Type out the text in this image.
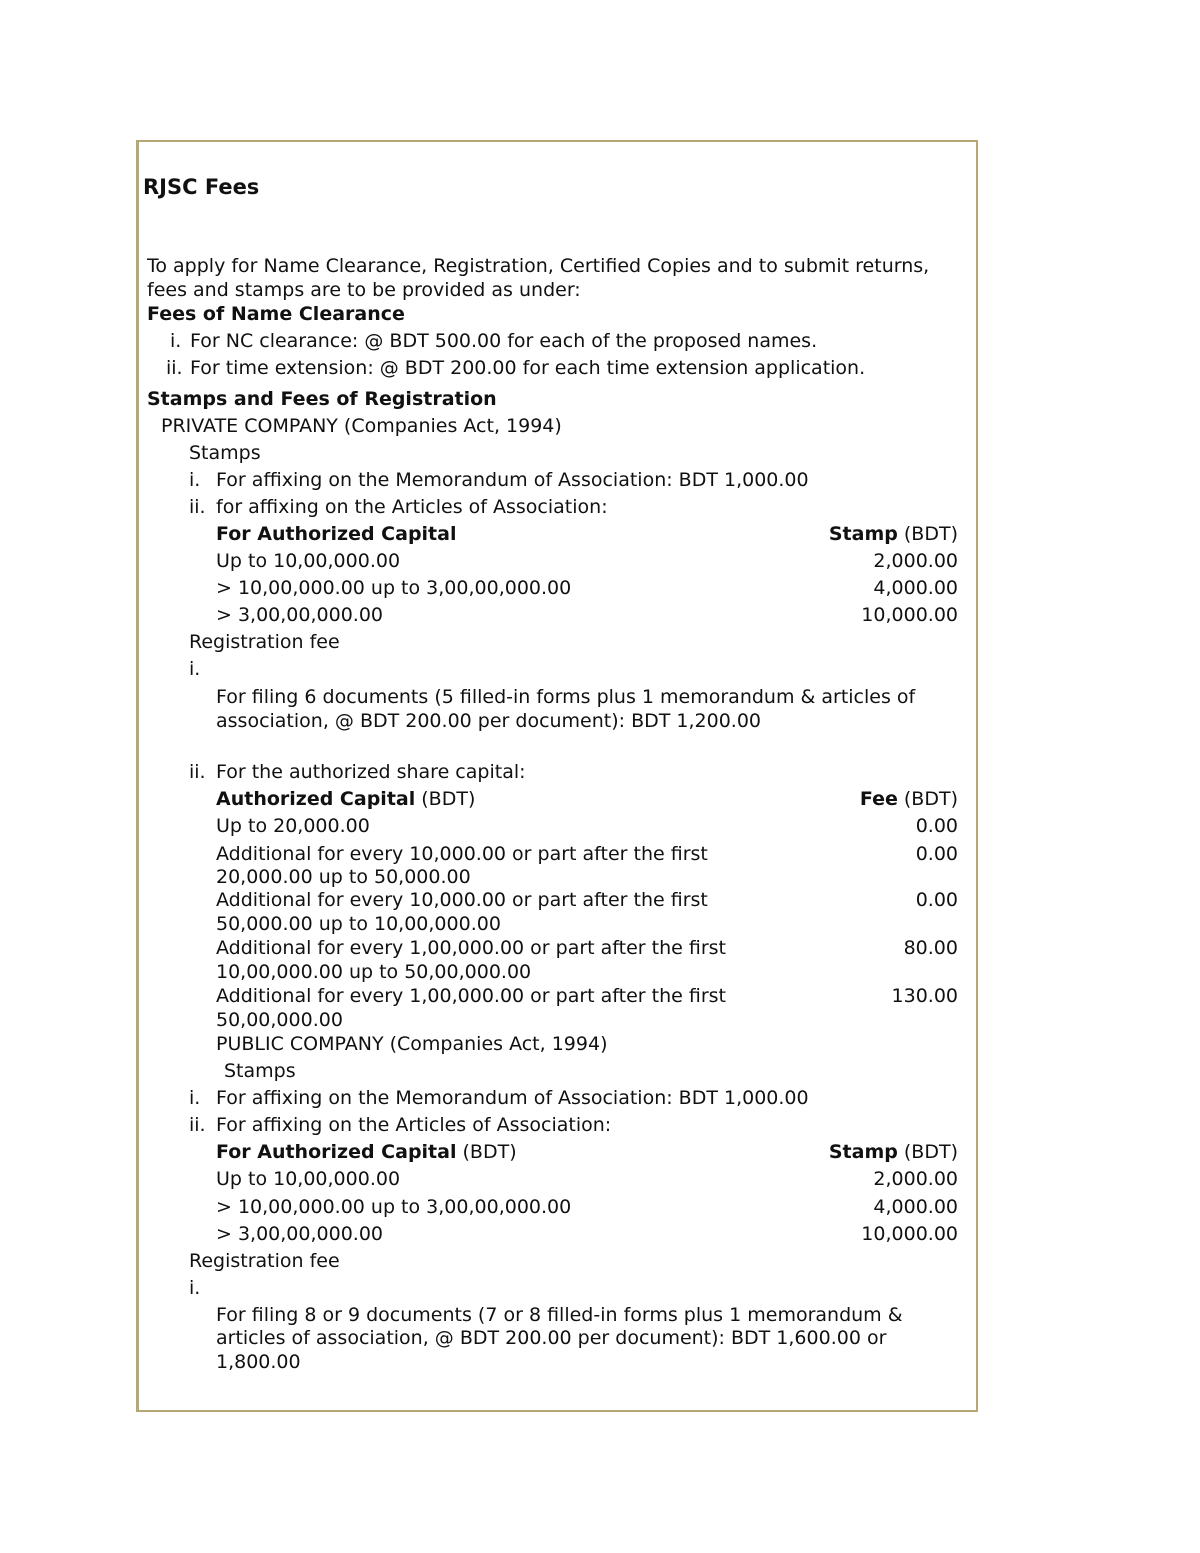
RJSC Fees
To apply for Name Clearance, Registration, Certified Copies and to submit returns,
fees and stamps are to be provided as under:
Fees of Name Clearance
i. For NC clearance: @ BDT 500.00 for each of the proposed names.
ii. For time extension: @ BDT 200.00 for each time extension application.
Stamps and Fees of Registration
PRIVATE COMPANY (Companies Act, 1994)
Stamps
i. For affixing on the Memorandum of Association: BDT 1,000.00
ii. for affixing on the Articles of Association:
For Authorized Capital	Stamp (BDT)
Up to 10,00,000.00	2,000.00
> 10,00,000.00 up to 3,00,00,000.00	4,000.00
> 3,00,00,000.00	10,000.00
Registration fee
i.
For filing 6 documents (5 filled-in forms plus 1 memorandum & articles of
association, @ BDT 200.00 per document): BDT 1,200.00
ii. For the authorized share capital:
Authorized Capital (BDT)	Fee (BDT)
Up to 20,000.00	0.00
Additional for every 10,000.00 or part after the first
20,000.00 up to 50,000.00
0.00
Additional for every 10,000.00 or part after the first
50,000.00 up to 10,00,000.00
0.00
Additional for every 1,00,000.00 or part after the first
10,00,000.00 up to 50,00,000.00
80.00
Additional for every 1,00,000.00 or part after the first
50,00,000.00
130.00
PUBLIC COMPANY (Companies Act, 1994)
Stamps
i. For affixing on the Memorandum of Association: BDT 1,000.00
ii. For affixing on the Articles of Association:
For Authorized Capital (BDT)	Stamp (BDT)
Up to 10,00,000.00	2,000.00
> 10,00,000.00 up to 3,00,00,000.00	4,000.00
> 3,00,00,000.00	10,000.00
Registration fee
i.
For filing 8 or 9 documents (7 or 8 filled-in forms plus 1 memorandum &
articles of association, @ BDT 200.00 per document): BDT 1,600.00 or
1,800.00
